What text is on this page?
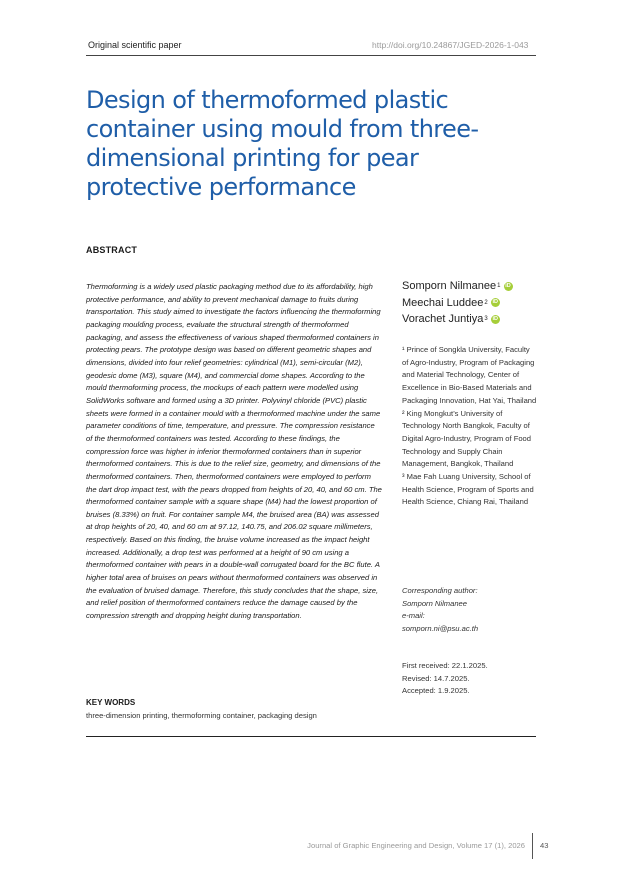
Original scientific paper	http://doi.org/10.24867/JGED-2026-1-043
Design of thermoformed plastic container using mould from three-dimensional printing for pear protective performance
ABSTRACT

Thermoforming is a widely used plastic packaging method due to its affordability, high protective performance, and ability to prevent mechanical damage to fruits during transportation. This study aimed to investigate the factors influencing the thermoforming packaging moulding process, evaluate the structural strength of thermoformed packaging, and assess the effectiveness of various shaped thermoformed containers in protecting pears. The prototype design was based on different geometric shapes and dimensions, divided into four relief geometries: cylindrical (M1), semi-circular (M2), geodesic dome (M3), square (M4), and commercial dome shapes. According to the mould thermoforming process, the mockups of each pattern were modelled using SolidWorks software and formed using a 3D printer. Polyvinyl chloride (PVC) plastic sheets were formed in a container mould with a thermoformed machine under the same parameter conditions of time, temperature, and pressure. The compression resistance of the thermoformed containers was tested. According to these findings, the compression force was higher in inferior thermoformed containers than in superior thermoformed containers. This is due to the relief size, geometry, and dimensions of the thermoformed containers. Then, thermoformed containers were employed to perform the dart drop impact test, with the pears dropped from heights of 20, 40, and 60 cm. The thermoformed container sample with a square shape (M4) had the lowest proportion of bruises (8.33%) on fruit. For container sample M4, the bruised area (BA) was assessed at drop heights of 20, 40, and 60 cm at 97.12, 140.75, and 206.02 square millimeters, respectively. Based on this finding, the bruise volume increased as the impact height increased. Additionally, a drop test was performed at a height of 90 cm using a thermoformed container with pears in a double-wall corrugated board for the BC flute. A higher total area of bruises on pears without thermoformed containers was observed in the evaluation of bruised damage. Therefore, this study concludes that the shape, size, and relief position of thermoformed containers reduce the damage caused by the compression strength and dropping height during transportation.

Somporn Nilmanee 1 iD
Meechai Luddee 2 iD
Vorachet Juntiya 3 iD

¹ Prince of Songkla University, Faculty of Agro-Industry, Program of Packaging and Material Technology, Center of Excellence in Bio-Based Materials and Packaging Innovation, Hat Yai, Thailand

² King Mongkut’s University of Technology North Bangkok, Faculty of Digital Agro-Industry, Program of Food Technology and Supply Chain Management, Bangkok, Thailand

³ Mae Fah Luang University, School of Health Science, Program of Sports and Health Science, Chiang Rai, Thailand

Corresponding author:
Somporn Nilmanee
e-mail:
somporn.ni@psu.ac.th
First received: 22.1.2025.
Revised: 14.7.2025.
Accepted: 1.9.2025.
KEY WORDS
three-dimension printing, thermoforming container, packaging design
Journal of Graphic Engineering and Design, Volume 17 (1), 2026 43
